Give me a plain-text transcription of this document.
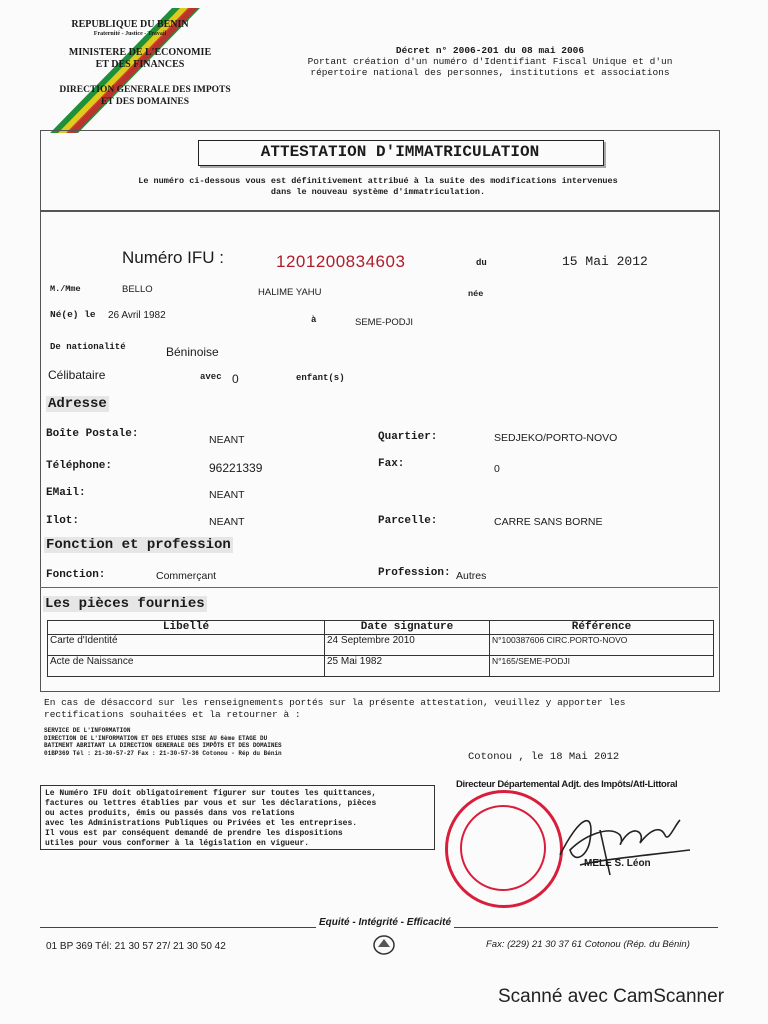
REPUBLIQUE DU BENIN
Fraternité - Justice - Travail
MINISTERE DE L'ECONOMIE
ET DES FINANCES
DIRECTION GENERALE DES IMPOTS
ET DES DOMAINES
Décret n° 2006-201 du 08 mai 2006
Portant création d'un numéro d'Identifiant Fiscal Unique et d'un
répertoire national des personnes, institutions et associations
ATTESTATION D'IMMATRICULATION
Le numéro ci-dessous vous est définitivement attribué à la suite des modifications intervenues
dans le nouveau système d'immatriculation.
Numéro IFU :	1201200834603	du	15 Mai 2012
M./Mme	BELLO	HALIME YAHU	née
Né(e) le 26 Avril 1982	à	SEME-PODJI
De nationalité	Béninoise
Célibataire	avec 0	enfant(s)
Adresse
Boîte Postale:	NEANT	Quartier:	SEDJEKO/PORTO-NOVO
Téléphone:	96221339	Fax:	0
EMail:	NEANT
Ilot:	NEANT	Parcelle:	CARRE SANS BORNE
Fonction et profession
Fonction:	Commerçant	Profession: Autres
Les pièces fournies
Libellé	Date signature	Référence
Carte d'Identité	24 Septembre 2010	N°100387606 CIRC.PORTO-NOVO
Acte de Naissance	25 Mai 1982	N°165/SEME-PODJI
En cas de désaccord sur les renseignements portés sur la présente attestation, veuillez y apporter les
rectifications souhaitées et la retourner à :
SERVICE DE L'INFORMATION
DIRECTION DE L'INFORMATION ET DES ETUDES SISE AU 6ème ETAGE DU
BATIMENT ABRITANT LA DIRECTION GENERALE DES IMPÔTS ET DES DOMAINES
01BP369 Tél : 21-30-57-27 Fax : 21-30-57-36 Cotonou - Rép du Bénin	Cotonou , le 18 Mai 2012
Le Numéro IFU doit obligatoirement figurer sur toutes les quittances,
factures ou lettres établies par vous et sur les déclarations, pièces
ou actes produits, émis ou passés dans vos relations
avec les Administrations Publiques ou Privées et les entreprises.
Il vous est par conséquent demandé de prendre les dispositions
utiles pour vous conformer à la législation en vigueur.
Directeur Départemental Adjt. des Impôts/Atl-Littoral
MELE S. Léon
Equité - Intégrité - Efficacité
01 BP 369 Tél: 21 30 57 27/ 21 30 50 42	Fax: (229) 21 30 37 61 Cotonou (Rép. du Bénin)
Scanné avec CamScanner
